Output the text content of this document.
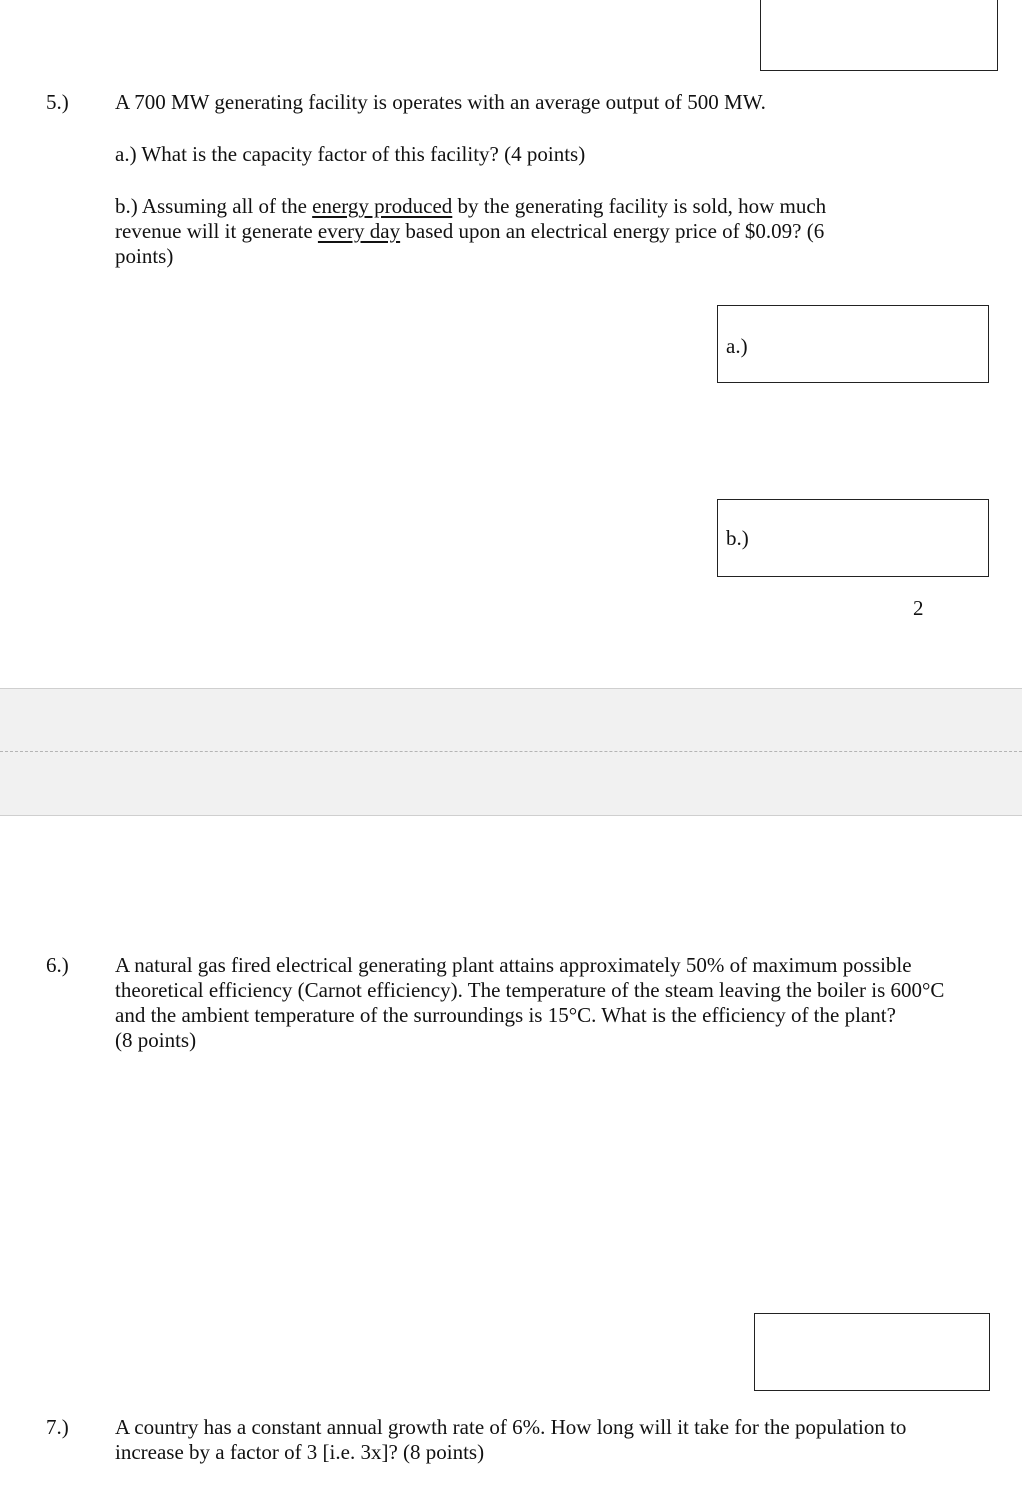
5.) A 700 MW generating facility is operates with an average output of 500 MW.
a.) What is the capacity factor of this facility? (4 points)
b.) Assuming all of the energy produced by the generating facility is sold, how much
revenue will it generate every day based upon an electrical energy price of $0.09? (6
points)
a.)
b.)
2
6.) A natural gas fired electrical generating plant attains approximately 50% of maximum possible
theoretical efficiency (Carnot efficiency). The temperature of the steam leaving the boiler is 600°C
and the ambient temperature of the surroundings is 15°C. What is the efficiency of the plant?
(8 points)
7.) A country has a constant annual growth rate of 6%. How long will it take for the population to
increase by a factor of 3 [i.e. 3x]? (8 points)
